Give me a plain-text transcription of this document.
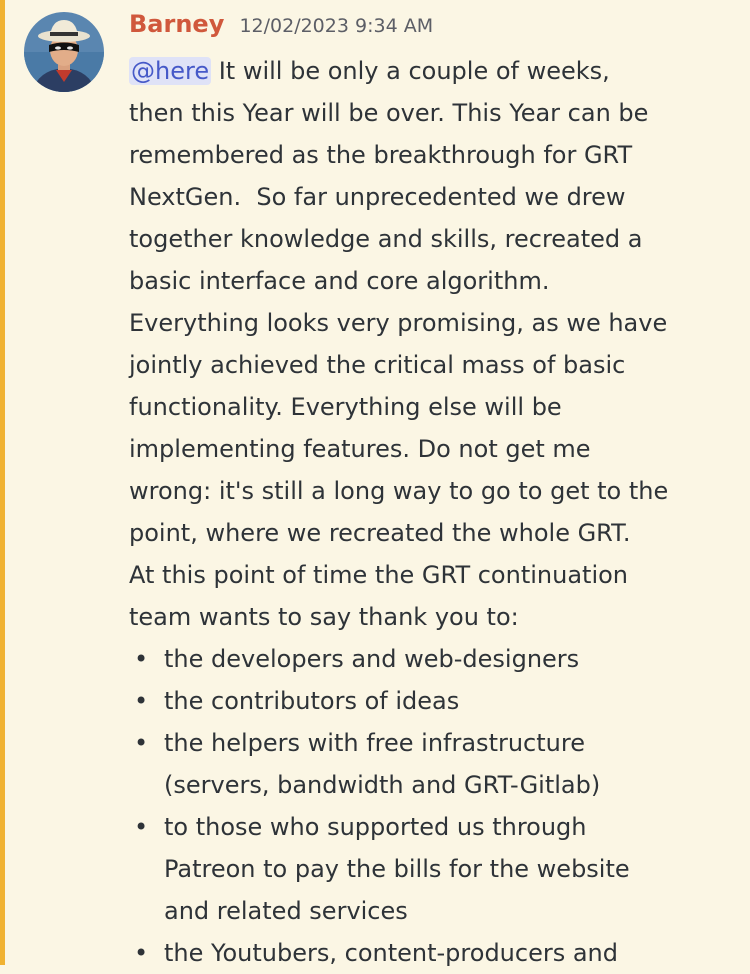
Barney 12/02/2023 9:34 AM

@here It will be only a couple of weeks,
then this Year will be over. This Year can be
remembered as the breakthrough for GRT
NextGen.  So far unprecedented we drew
together knowledge and skills, recreated a
basic interface and core algorithm.
Everything looks very promising, as we have
jointly achieved the critical mass of basic
functionality. Everything else will be
implementing features. Do not get me
wrong: it's still a long way to go to get to the
point, where we recreated the whole GRT.
At this point of time the GRT continuation
team wants to say thank you to:

• the developers and web-designers
• the contributors of ideas
• the helpers with free infrastructure
(servers, bandwidth and GRT-Gitlab)
• to those who supported us through
Patreon to pay the bills for the website
and related services
• the Youtubers, content-producers and
